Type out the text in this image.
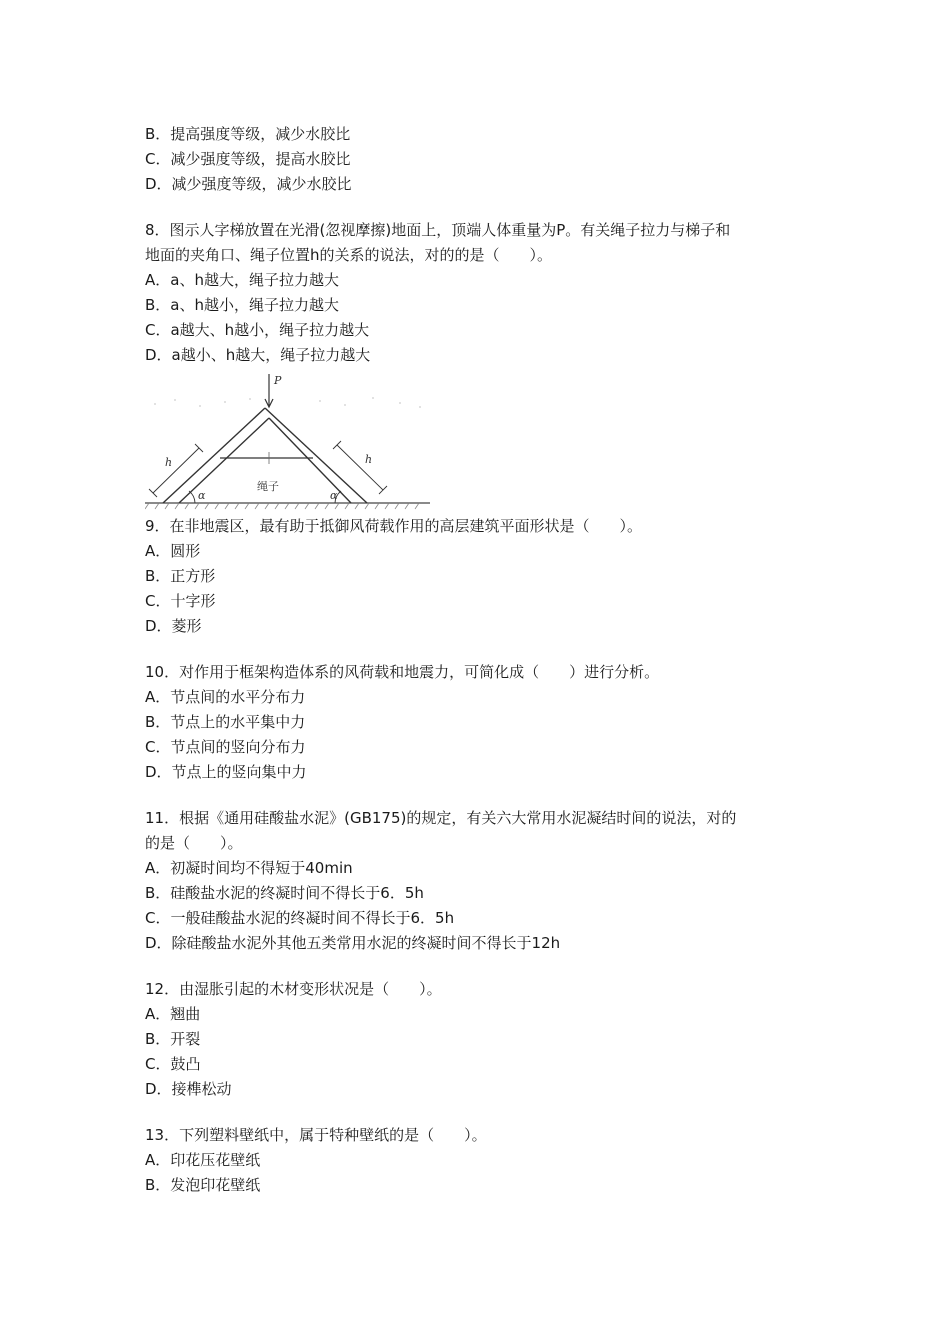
B．提高强度等级，减少水胶比

C．减少强度等级，提高水胶比

D．减少强度等级，减少水胶比

8．图示人字梯放置在光滑(忽视摩擦)地面上，顶端人体重量为P。有关绳子拉力与梯子和

地面的夹角口、绳子位置h的关系的说法，对的的是（　　）。

A．a、h越大，绳子拉力越大

B．a、h越小，绳子拉力越大

C．a越大、h越小，绳子拉力越大

D．a越小、h越大，绳子拉力越大

P
h	h
α	α
绳子

9．在非地震区，最有助于抵御风荷载作用的高层建筑平面形状是（　　）。

A．圆形

B．正方形

C．十字形

D．菱形

10．对作用于框架构造体系的风荷载和地震力，可简化成（　　）进行分析。

A．节点间的水平分布力

B．节点上的水平集中力

C．节点间的竖向分布力

D．节点上的竖向集中力

11．根据《通用硅酸盐水泥》(GB175)的规定，有关六大常用水泥凝结时间的说法，对的

的是（　　）。

A．初凝时间均不得短于40min

B．硅酸盐水泥的终凝时间不得长于6．5h

C．一般硅酸盐水泥的终凝时间不得长于6．5h

D．除硅酸盐水泥外其他五类常用水泥的终凝时间不得长于12h

12．由湿胀引起的木材变形状况是（　　）。

A．翘曲

B．开裂

C．鼓凸

D．接榫松动

13．下列塑料壁纸中，属于特种壁纸的是（　　）。

A．印花压花壁纸

B．发泡印花壁纸
